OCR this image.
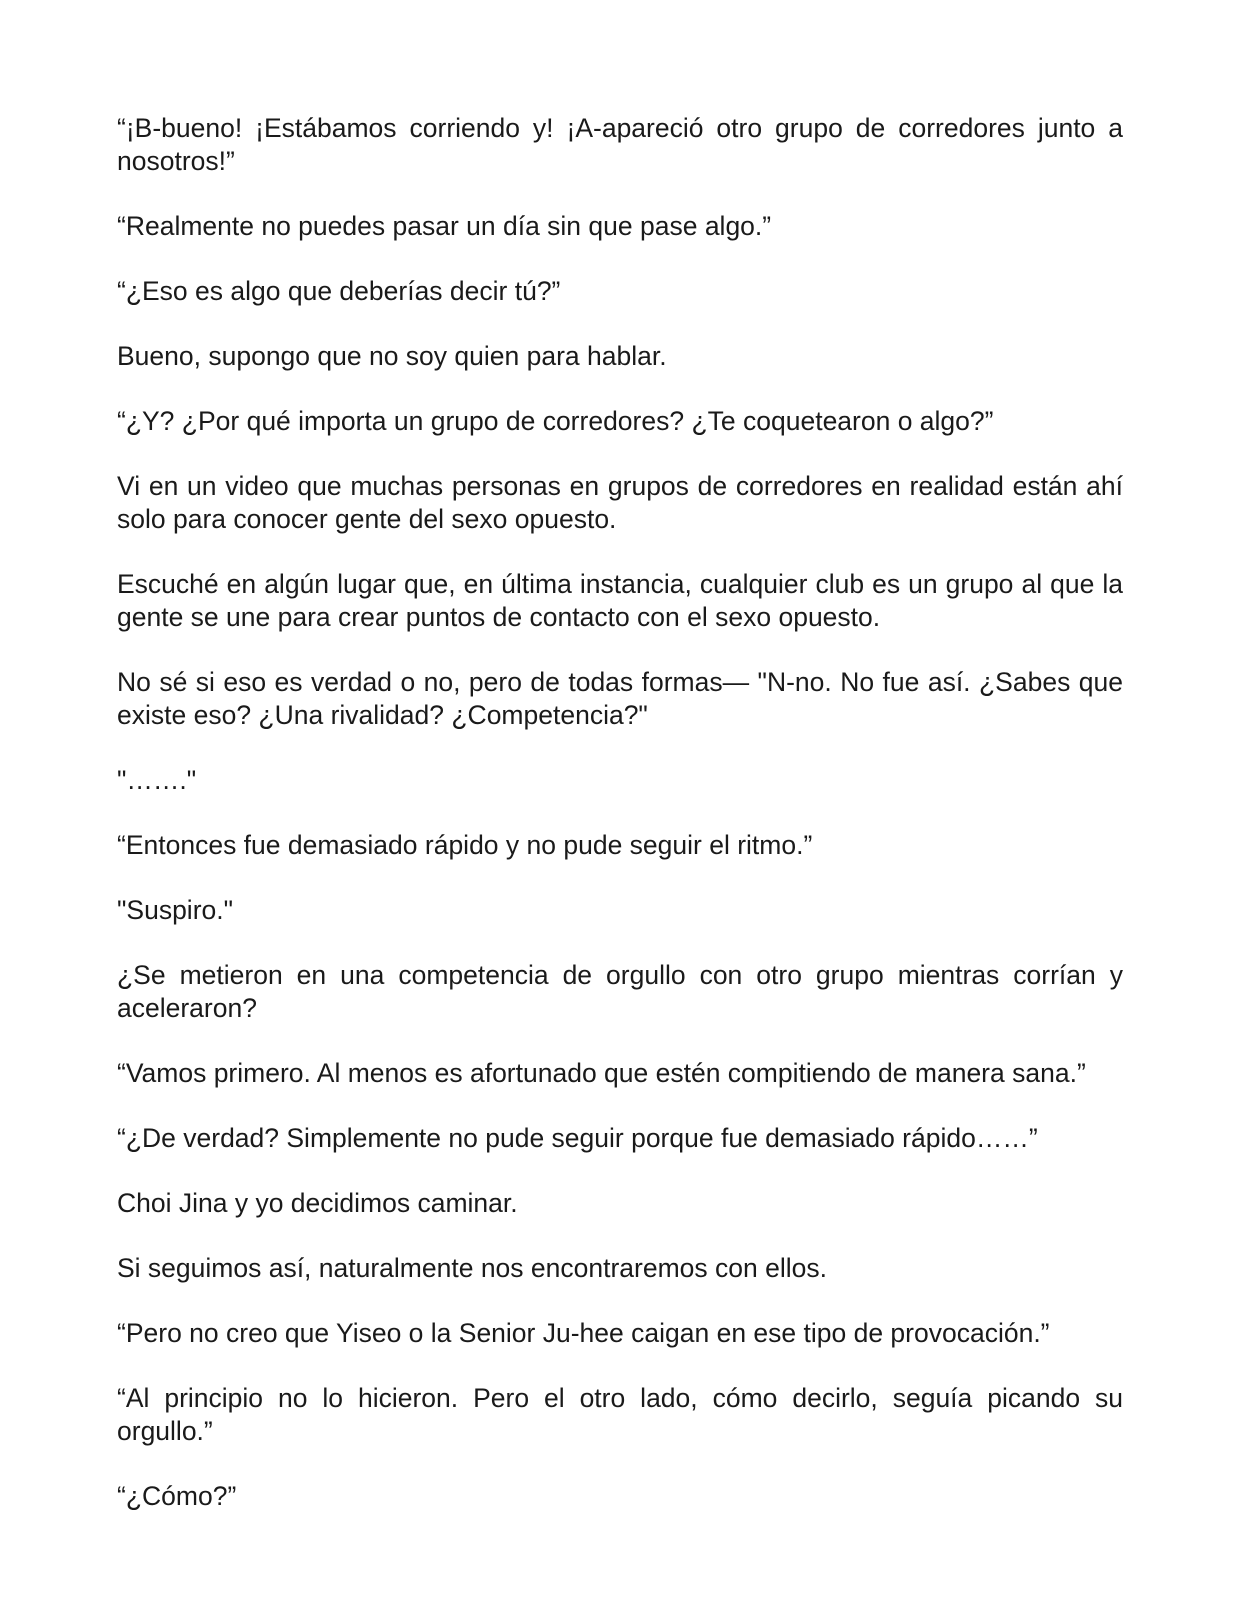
“¡B-bueno! ¡Estábamos corriendo y! ¡A-apareció otro grupo de corredores junto a nosotros!”

“Realmente no puedes pasar un día sin que pase algo.”

“¿Eso es algo que deberías decir tú?”

Bueno, supongo que no soy quien para hablar.

“¿Y? ¿Por qué importa un grupo de corredores? ¿Te coquetearon o algo?”

Vi en un video que muchas personas en grupos de corredores en realidad están ahí solo para conocer gente del sexo opuesto.

Escuché en algún lugar que, en última instancia, cualquier club es un grupo al que la gente se une para crear puntos de contacto con el sexo opuesto.

No sé si eso es verdad o no, pero de todas formas— "N-no. No fue así. ¿Sabes que existe eso? ¿Una rivalidad? ¿Competencia?"

"……."

“Entonces fue demasiado rápido y no pude seguir el ritmo.”

"Suspiro."

¿Se metieron en una competencia de orgullo con otro grupo mientras corrían y aceleraron?

“Vamos primero. Al menos es afortunado que estén compitiendo de manera sana.”

“¿De verdad? Simplemente no pude seguir porque fue demasiado rápido……”

Choi Jina y yo decidimos caminar.

Si seguimos así, naturalmente nos encontraremos con ellos.

“Pero no creo que Yiseo o la Senior Ju-hee caigan en ese tipo de provocación.”

“Al principio no lo hicieron. Pero el otro lado, cómo decirlo, seguía picando su orgullo.”

“¿Cómo?”
